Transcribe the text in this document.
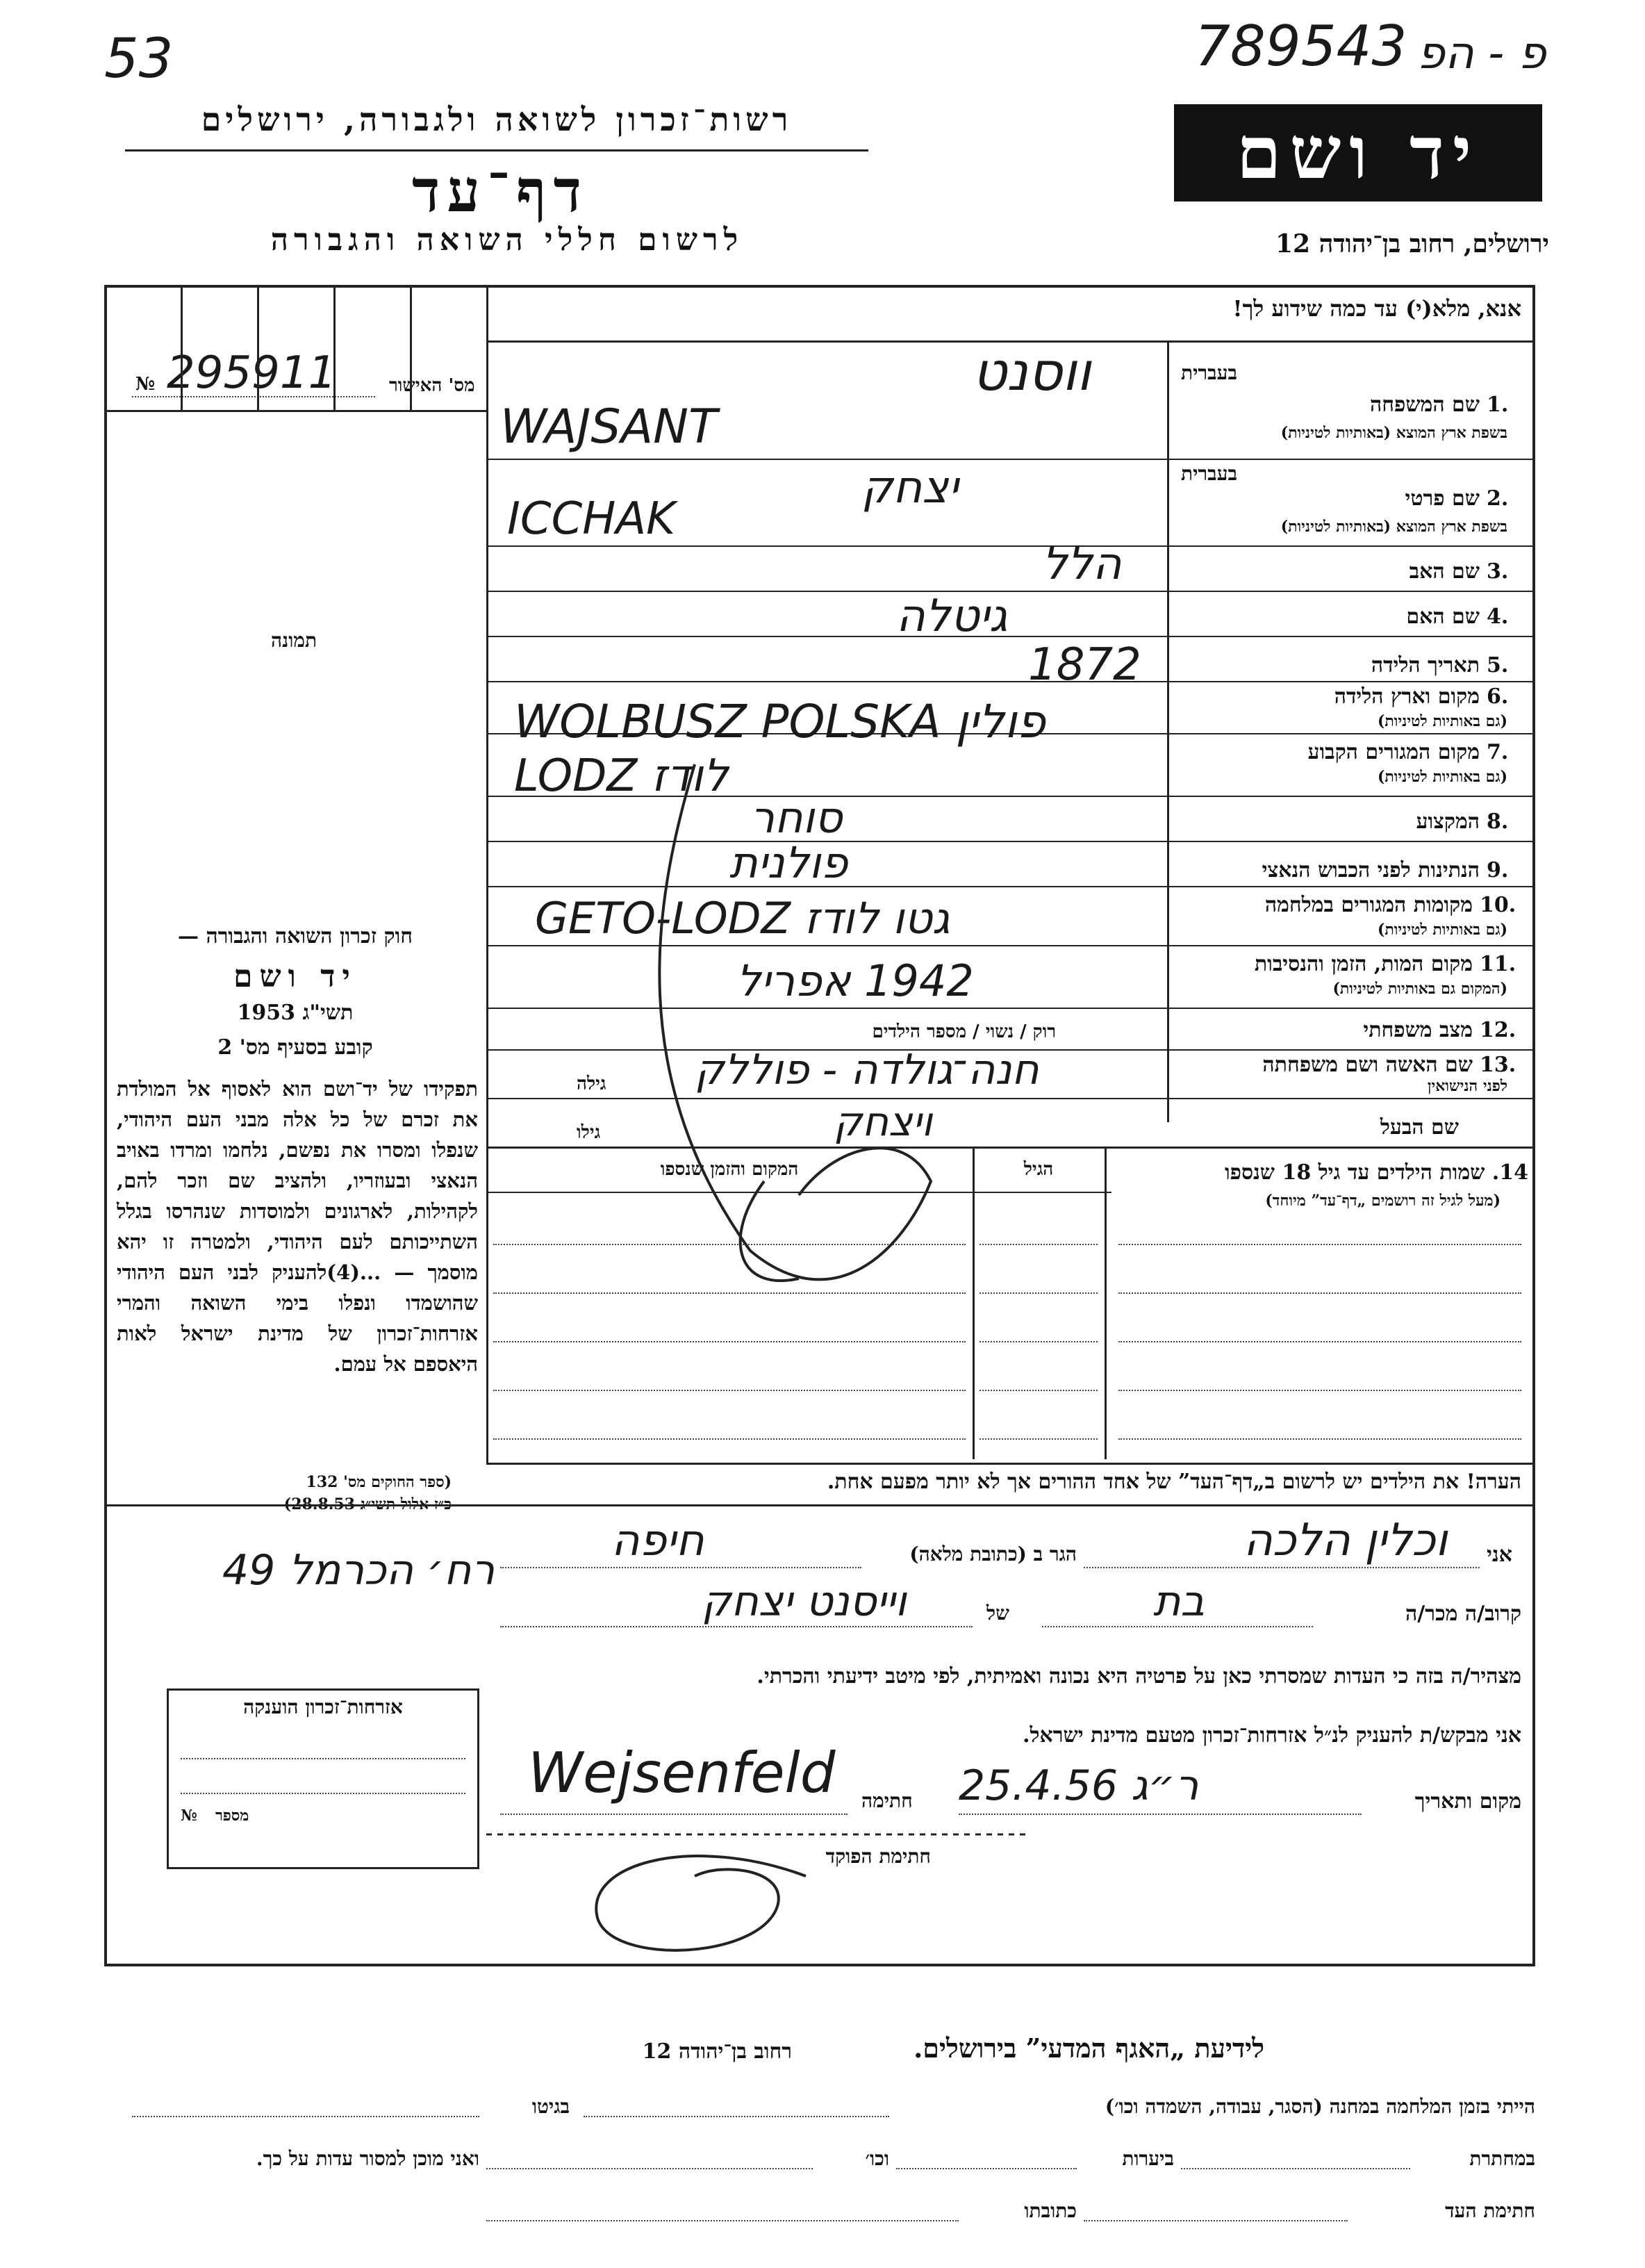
53	789543 פ - הפ
רשות־זכרון לשואה ולגבורה, ירושלים
דף־עד
לרשום חללי השואה והגבורה
יד ושם
ירושלים, רחוב בן־יהודה 12
אנא, מלא(י) עד כמה שידוע לך!
מס' האישור
№ 295911
תמונה
חוק זכרון השואה והגבורה —
יד ושם
תשי"ג 1953
קובע בסעיף מס' 2
תפקידו של יד־ושם הוא לאסוף אל המולדת את זכרם של כל אלה מבני העם היהודי, שנפלו ומסרו את נפשם, נלחמו ומרדו באויב הנאצי ובעוזריו, ולהציב שם וזכר להם, לקהילות, לארגונים ולמוסדות שנהרסו בגלל השתייכותם לעם היהודי, ולמטרה זו יהא מוסמך — ...(4)להעניק לבני העם היהודי שהושמדו ונפלו בימי השואה והמרי אזרחות־זכרון של מדינת ישראל לאות היאספם אל עמם.
(ספר החוקים מס' 132
כ״ז אלול תשי״ג 28.8.53)
בעברית
1.
שם המשפחה
בשפת ארץ המוצא (באותיות לטיניות)
ווסנט
WAJSANT
בעברית
2.
שם פרטי
בשפת ארץ המוצא (באותיות לטיניות)
יצחק
ICCHAK
3.
שם האב
הלל
4.
שם האם
גיטלה
5.
תאריך הלידה
1872
6.
מקום וארץ הלידה
(גם באותיות לטיניות)
WOLBUSZ POLSKA פולין
7.
מקום המגורים הקבוע
(גם באותיות לטיניות)
LODZ לודז
8.
המקצוע
סוחר
9.
הנתינות לפני הכבוש הנאצי
פולנית
10.
מקומות המגורים במלחמה
(גם באותיות לטיניות)
GETO-LODZ גטו לודז
11.
מקום המות, הזמן והנסיבות
(המקום גם באותיות לטיניות)
1942 אפריל
12.
מצב משפחתי
רוק / נשוי / מספר הילדים
13.
שם האשה ושם משפחתה
לפני הנישואין
חנה־גולדה - פוללק
גילה
שם הבעל
גילו	ויצחק
14. שמות הילדים עד גיל 18 שנספו
(מעל לגיל זה רושמים „דף־עד” מיוחד)
הגיל
המקום והזמן שנספו
הערה! את הילדים יש לרשום ב„דף־העד” של אחד ההורים אך לא יותר מפעם אחת.
אני
וכלין הלכה
הגר ב (כתובת מלאה)
חיפה
רח׳ הכרמל 49
קרוב/ה מכר/ה
בת
של
וייסנט יצחק
מצהיר/ה בזה כי העדות שמסרתי כאן על פרטיה היא נכונה ואמיתית, לפי מיטב ידיעתי והכרתי.
אני מבקש/ת להעניק לנ״ל אזרחות־זכרון מטעם מדינת ישראל.
מקום ותאריך
ר״ג 25.4.56
חתימה
Wejsenfeld
חתימת הפוקד
אזרחות־זכרון הוענקה
מספר
№
לידיעת „האגף המדעי” בירושלים.
רחוב בן־יהודה 12
הייתי בזמן המלחמה במחנה (הסגר, עבודה, השמדה וכו׳)
בגיטו
במחתרת
ביערות
וכו׳
ואני מוכן למסור עדות על כך.
חתימת העד
כתובתו
